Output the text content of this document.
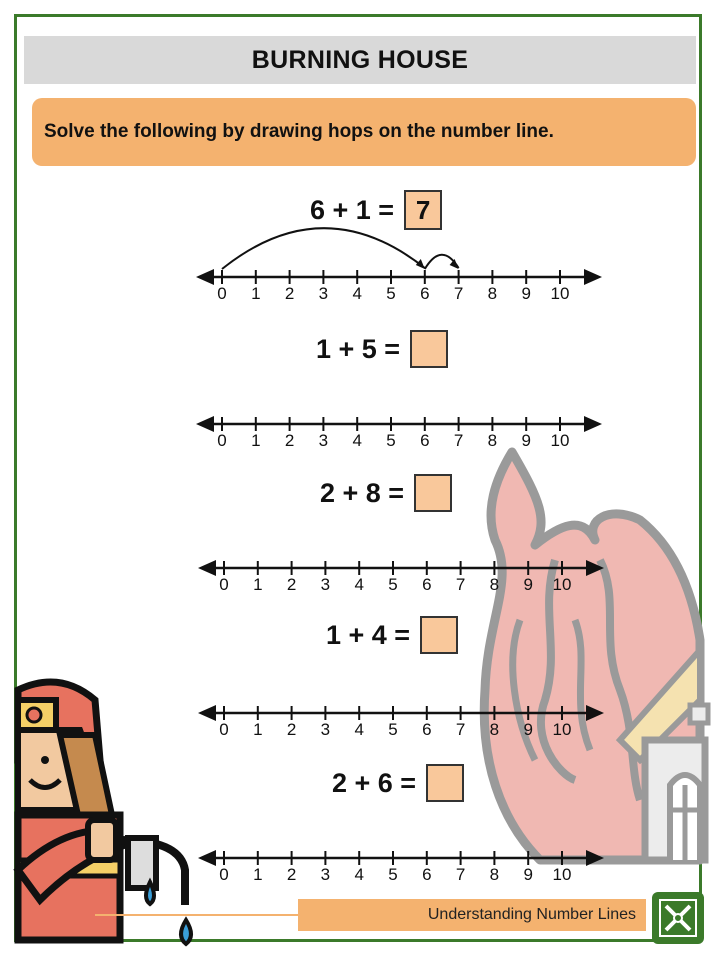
BURNING HOUSE
Solve the following by drawing hops on the number line.
6 + 1 = 7
1 + 5 =
2 + 8 =
1 + 4 =
2 + 6 =
0 1 2 3 4 5 6 7 8 9 10
0 1 2 3 4 5 6 7 8 9 10
0 1 2 3 4 5 6 7 8 9 10
0 1 2 3 4 5 6 7 8 9 10
0 1 2 3 4 5 6 7 8 9 10
Understanding Number Lines
